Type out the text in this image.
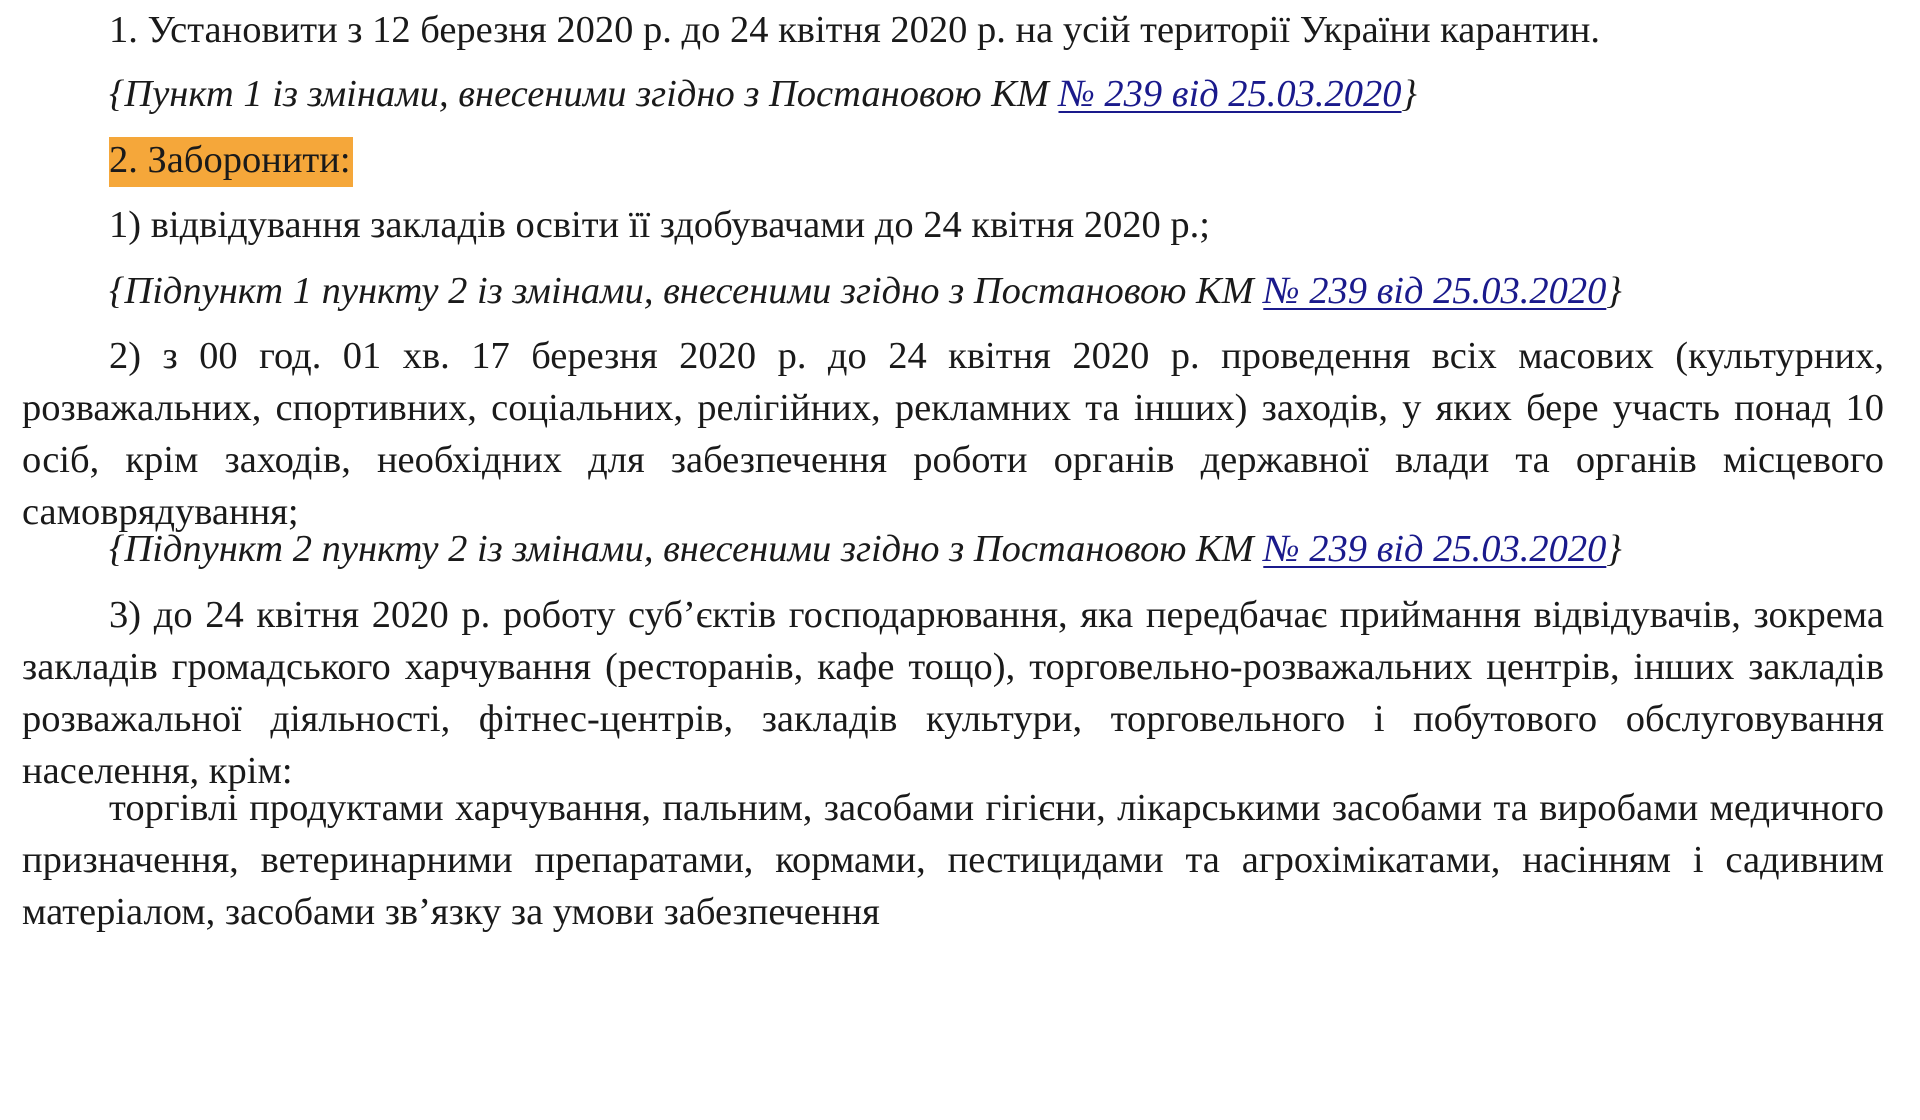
1. Установити з 12 березня 2020 р. до 24 квітня 2020 р. на усій території України карантин.

{Пункт 1 із змінами, внесеними згідно з Постановою КМ № 239 від 25.03.2020}

2. Заборонити:

1) відвідування закладів освіти її здобувачами до 24 квітня 2020 р.;

{Підпункт 1 пункту 2 із змінами, внесеними згідно з Постановою КМ № 239 від 25.03.2020}

2) з 00 год. 01 хв. 17 березня 2020 р. до 24 квітня 2020 р. проведення всіх масових (культурних, розважальних, спортивних, соціальних, релігійних, рекламних та інших) заходів, у яких бере участь понад 10 осіб, крім заходів, необхідних для забезпечення роботи органів державної влади та органів місцевого самоврядування;

{Підпункт 2 пункту 2 із змінами, внесеними згідно з Постановою КМ № 239 від 25.03.2020}

3) до 24 квітня 2020 р. роботу суб’єктів господарювання, яка передбачає приймання відвідувачів, зокрема закладів громадського харчування (ресторанів, кафе тощо), торговельно-розважальних центрів, інших закладів розважальної діяльності, фітнес-центрів, закладів культури, торговельного і побутового обслуговування населення, крім:

торгівлі продуктами харчування, пальним, засобами гігієни, лікарськими засобами та виробами медичного призначення, ветеринарними препаратами, кормами, пестицидами та агрохімікатами, насінням і садивним матеріалом, засобами зв’язку за умови забезпечення
